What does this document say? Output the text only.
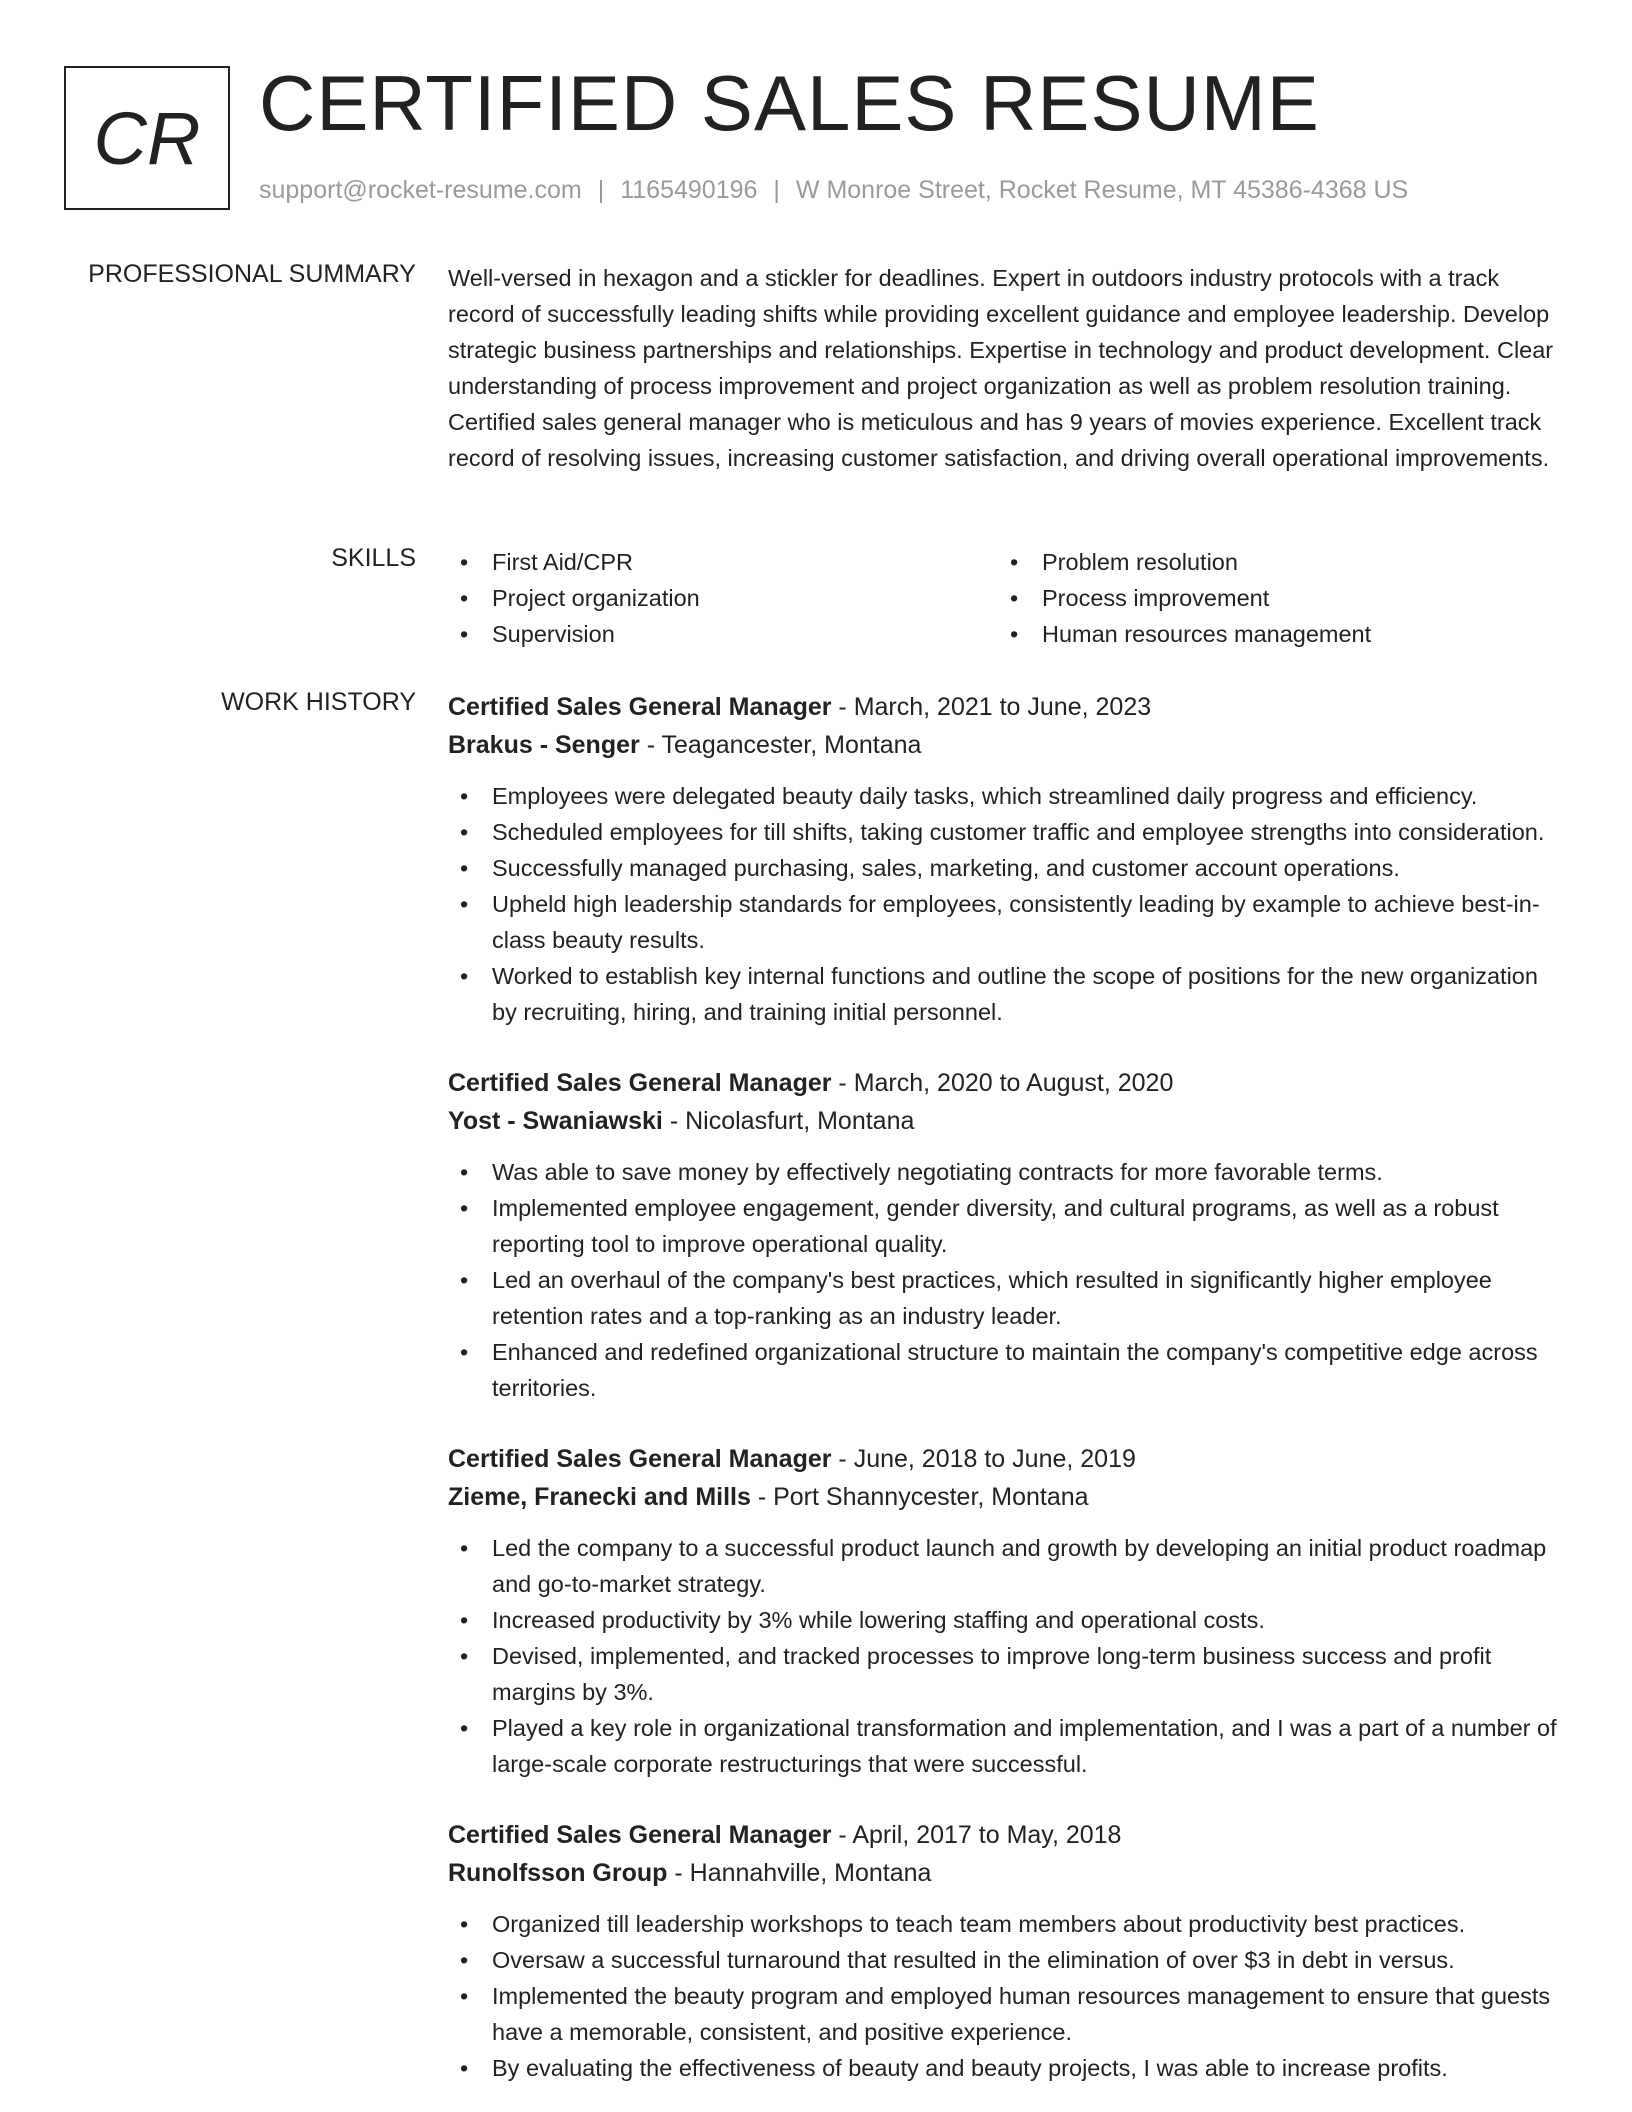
CR CERTIFIED SALES RESUME
support@rocket-resume.com | 1165490196 | W Monroe Street, Rocket Resume, MT 45386-4368 US
PROFESSIONAL SUMMARY Well-versed in hexagon and a stickler for deadlines. Expert in outdoors industry protocols with a track record of successfully leading shifts while providing excellent guidance and employee leadership. Develop strategic business partnerships and relationships. Expertise in technology and product development. Clear understanding of process improvement and project organization as well as problem resolution training. Certified sales general manager who is meticulous and has 9 years of movies experience. Excellent track record of resolving issues, increasing customer satisfaction, and driving overall operational improvements.
SKILLS	• First Aid/CPR	• Problem resolution
• Project organization	• Process improvement
• Supervision	• Human resources management
WORK HISTORY Certified Sales General Manager - March, 2021 to June, 2023
Brakus - Senger - Teagancester, Montana
• Employees were delegated beauty daily tasks, which streamlined daily progress and efficiency.
• Scheduled employees for till shifts, taking customer traffic and employee strengths into consideration.
• Successfully managed purchasing, sales, marketing, and customer account operations.
• Upheld high leadership standards for employees, consistently leading by example to achieve best-in-class beauty results.
• Worked to establish key internal functions and outline the scope of positions for the new organization by recruiting, hiring, and training initial personnel.
Certified Sales General Manager - March, 2020 to August, 2020
Yost - Swaniawski - Nicolasfurt, Montana
• Was able to save money by effectively negotiating contracts for more favorable terms.
• Implemented employee engagement, gender diversity, and cultural programs, as well as a robust reporting tool to improve operational quality.
• Led an overhaul of the company's best practices, which resulted in significantly higher employee retention rates and a top-ranking as an industry leader.
• Enhanced and redefined organizational structure to maintain the company's competitive edge across territories.
Certified Sales General Manager - June, 2018 to June, 2019
Zieme, Franecki and Mills - Port Shannycester, Montana
• Led the company to a successful product launch and growth by developing an initial product roadmap and go-to-market strategy.
• Increased productivity by 3% while lowering staffing and operational costs.
• Devised, implemented, and tracked processes to improve long-term business success and profit margins by 3%.
• Played a key role in organizational transformation and implementation, and I was a part of a number of large-scale corporate restructurings that were successful.
Certified Sales General Manager - April, 2017 to May, 2018
Runolfsson Group - Hannahville, Montana
• Organized till leadership workshops to teach team members about productivity best practices.
• Oversaw a successful turnaround that resulted in the elimination of over $3 in debt in versus.
• Implemented the beauty program and employed human resources management to ensure that guests have a memorable, consistent, and positive experience.
• By evaluating the effectiveness of beauty and beauty projects, I was able to increase profits.
